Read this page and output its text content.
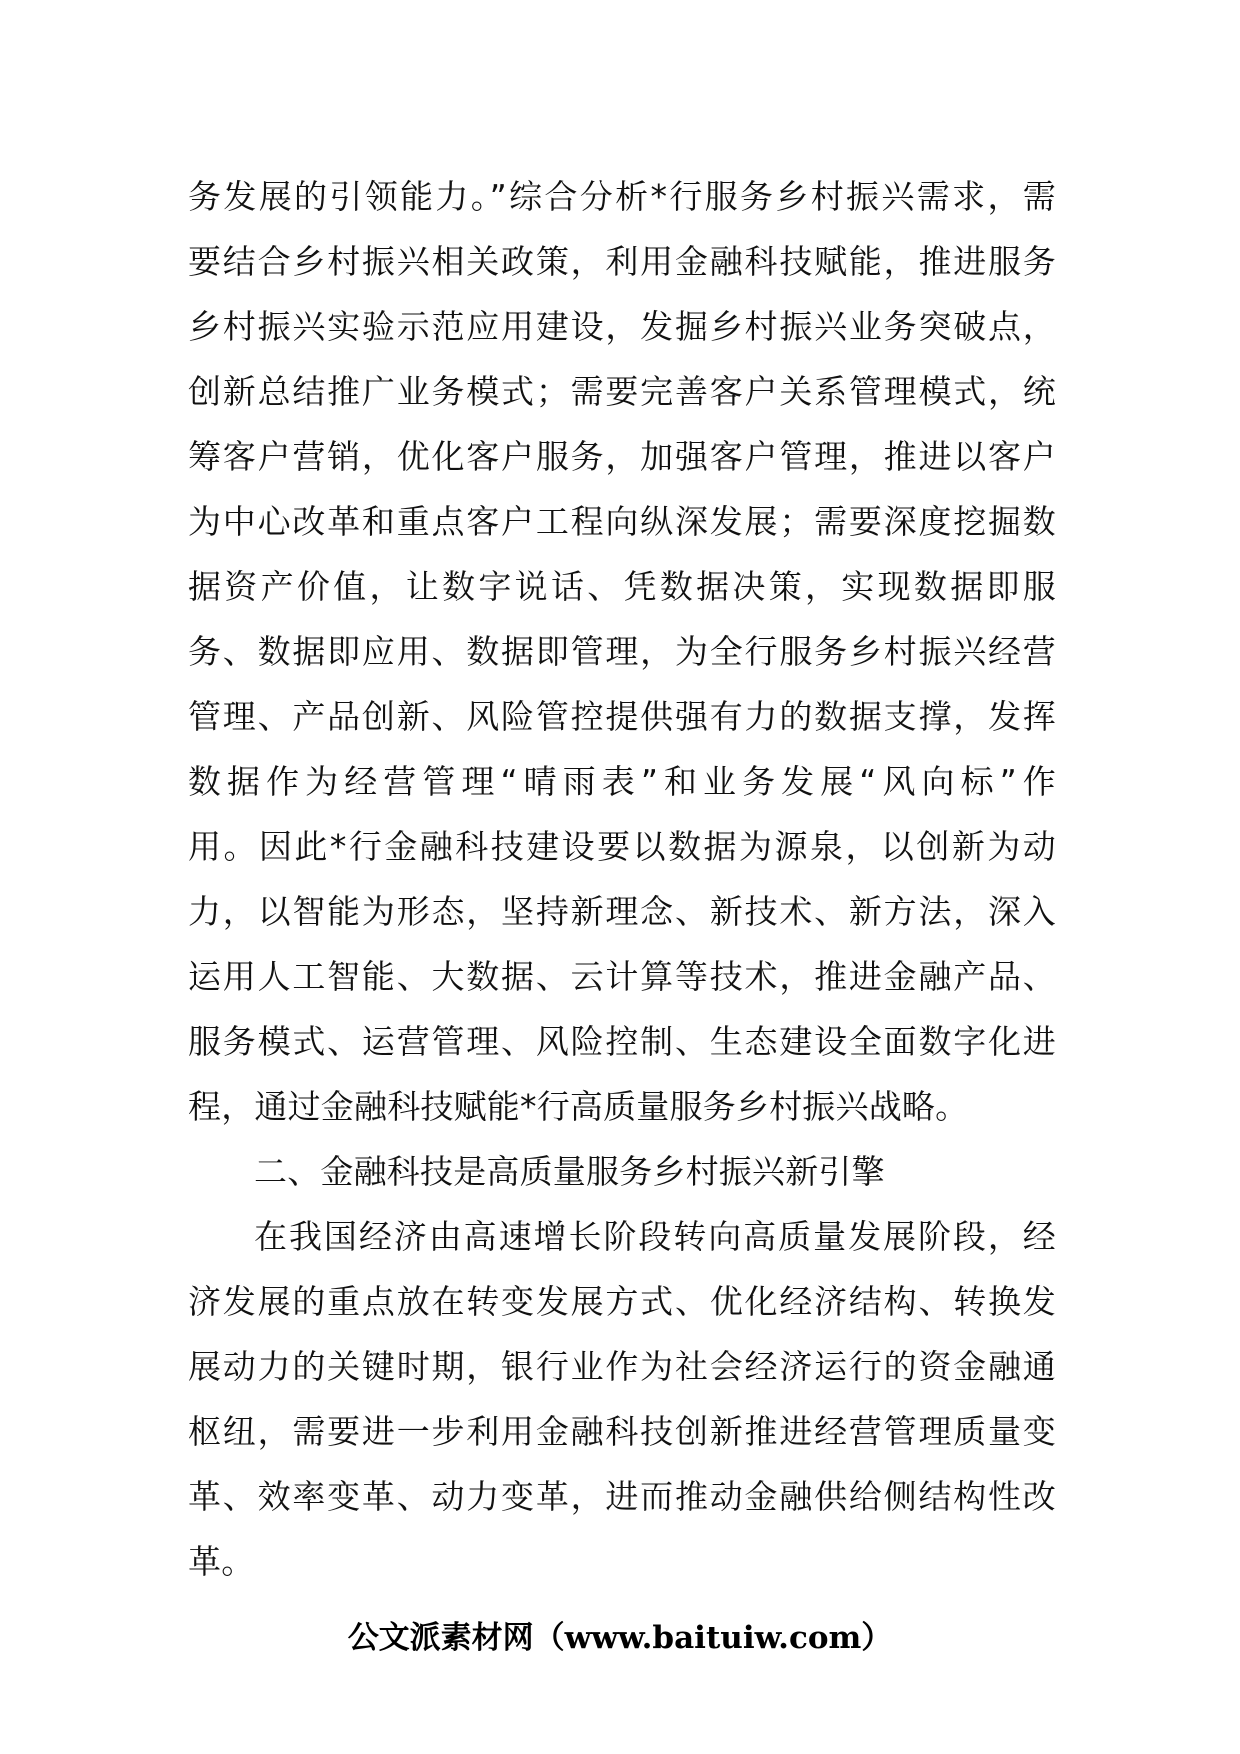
务发展的引领能力。”综合分析*行服务乡村振兴需求，需
要结合乡村振兴相关政策，利用金融科技赋能，推进服务
乡村振兴实验示范应用建设，发掘乡村振兴业务突破点，
创新总结推广业务模式；需要完善客户关系管理模式，统
筹客户营销，优化客户服务，加强客户管理，推进以客户
为中心改革和重点客户工程向纵深发展；需要深度挖掘数
据资产价值，让数字说话、凭数据决策，实现数据即服
务、数据即应用、数据即管理，为全行服务乡村振兴经营
管理、产品创新、风险管控提供强有力的数据支撑，发挥
数据作为经营管理“晴雨表”和业务发展“风向标”作
用。因此*行金融科技建设要以数据为源泉，以创新为动
力，以智能为形态，坚持新理念、新技术、新方法，深入
运用人工智能、大数据、云计算等技术，推进金融产品、
服务模式、运营管理、风险控制、生态建设全面数字化进
程，通过金融科技赋能*行高质量服务乡村振兴战略。
二、金融科技是高质量服务乡村振兴新引擎
在我国经济由高速增长阶段转向高质量发展阶段，经
济发展的重点放在转变发展方式、优化经济结构、转换发
展动力的关键时期，银行业作为社会经济运行的资金融通
枢纽，需要进一步利用金融科技创新推进经营管理质量变
革、效率变革、动力变革，进而推动金融供给侧结构性改
革。
公文派素材网（www.baituiw.com）
